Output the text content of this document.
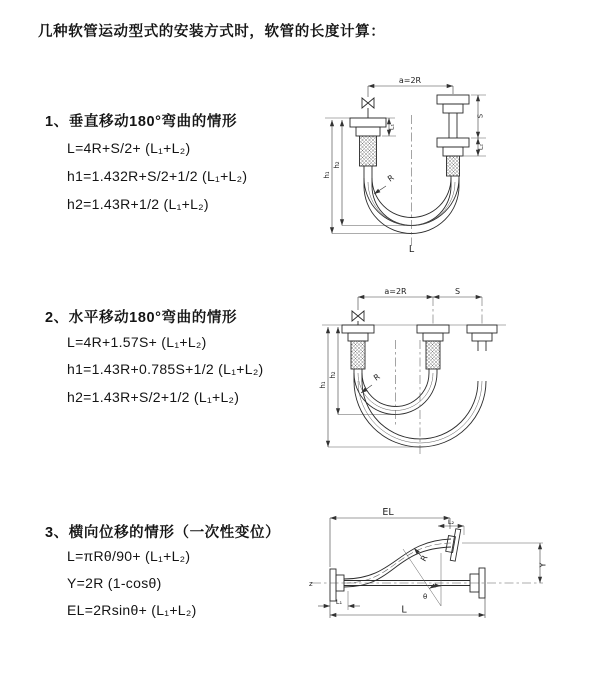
几种软管运动型式的安装方式时，软管的长度计算：
1、垂直移动180°弯曲的情形
L=4R+S/2+ (L₁+L₂)
h1=1.432R+S/2+1/2 (L₁+L₂)
h2=1.43R+1/2 (L₁+L₂)
2、水平移动180°弯曲的情形
L=4R+1.57S+ (L₁+L₂)
h1=1.43R+0.785S+1/2 (L₁+L₂)
h2=1.43R+S/2+1/2 (L₁+L₂)
3、横向位移的情形（一次性变位）
L=πRθ/90+ (L₁+L₂)
Y=2R (1-cosθ)
EL=2Rsinθ+ (L₁+L₂)
a=2R
L₁
S
L₂
h₁
h₂
R
L
a=2R	S
h₁
h₂	R
EL
L₂
Y
z
θ
R
L₁
L
